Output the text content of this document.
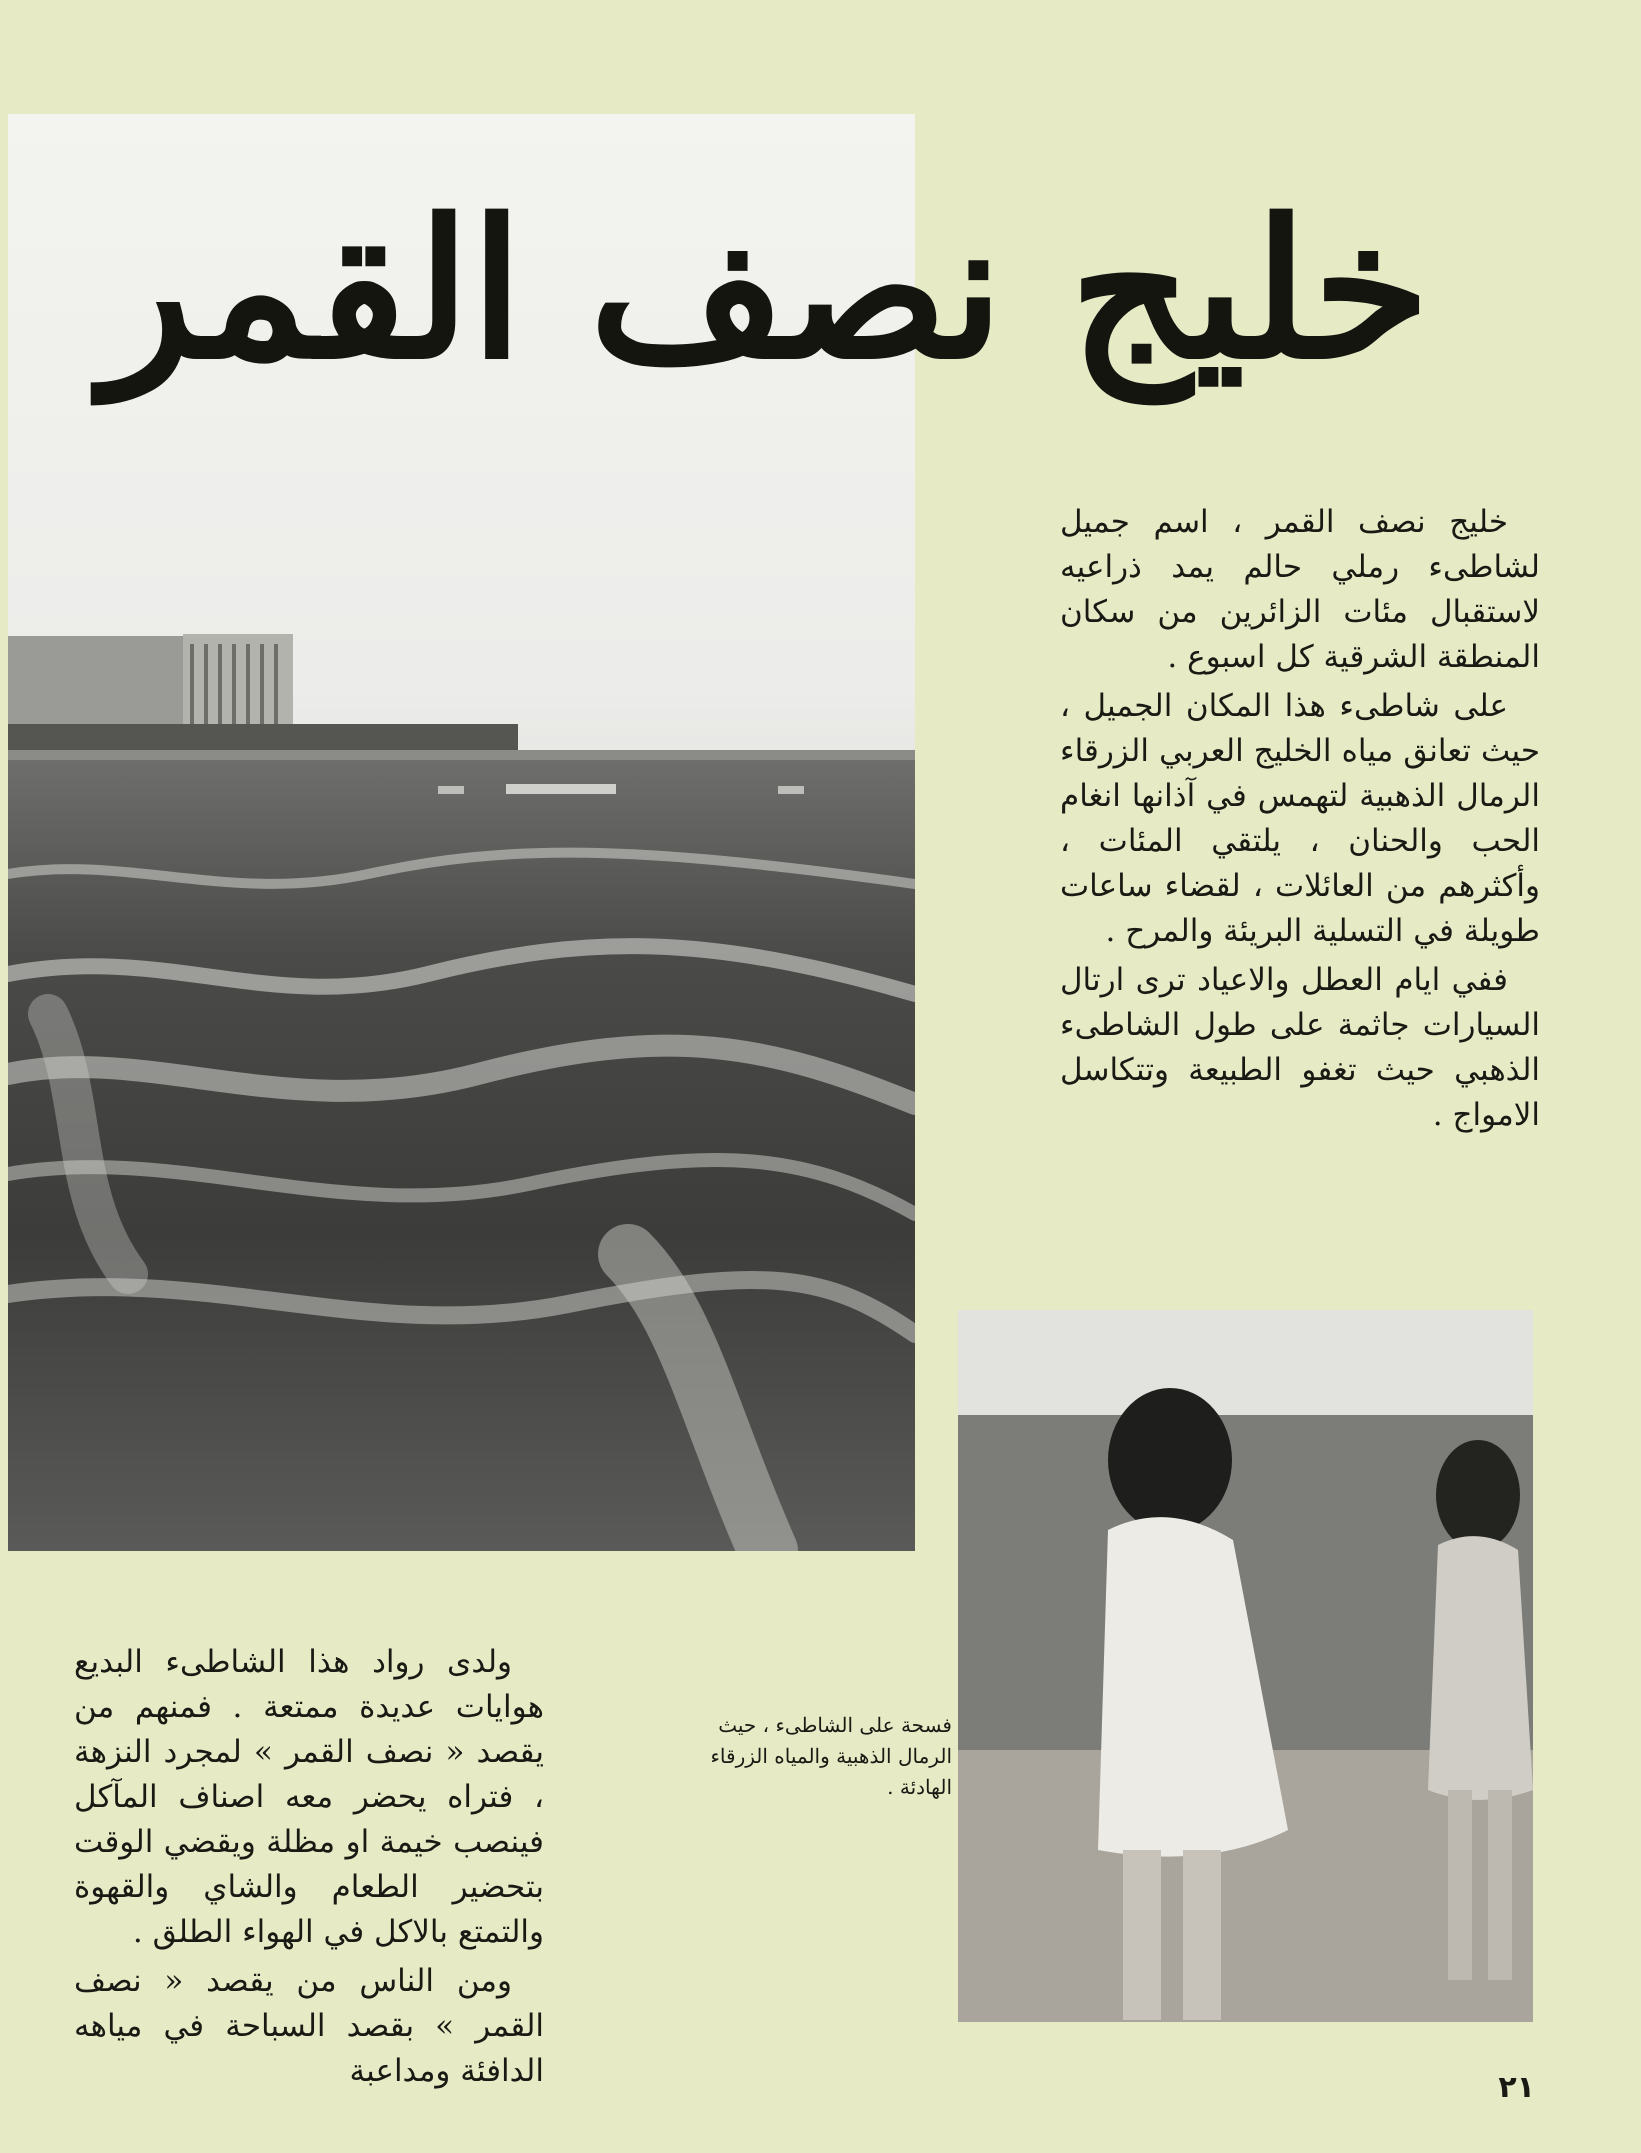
خليج نصف القمر

خليج نصف القمر ، اسم جميل لشاطىء رملي حالم يمد ذراعيه لاستقبال مئات الزائرين من سكان المنطقة الشرقية كل اسبوع .

على شاطىء هذا المكان الجميل ، حيث تعانق مياه الخليج العربي الزرقاء الرمال الذهبية لتهمس في آذانها انغام الحب والحنان ، يلتقي المئات ، وأكثرهم من العائلات ، لقضاء ساعات طويلة في التسلية البريئة والمرح .

ففي ايام العطل والاعياد ترى ارتال السيارات جاثمة على طول الشاطىء الذهبي حيث تغفو الطبيعة وتتكاسل الامواج .

فسحة على الشاطىء ، حيث الرمال الذهبية والمياه الزرقاء الهادئة .

ولدى رواد هذا الشاطىء البديع هوايات عديدة ممتعة . فمنهم من يقصد « نصف القمر » لمجرد النزهة ، فتراه يحضر معه اصناف المآكل فينصب خيمة او مظلة ويقضي الوقت بتحضير الطعام والشاي والقهوة والتمتع بالاكل في الهواء الطلق .

ومن الناس من يقصد « نصف القمر » بقصد السباحة في مياهه الدافئة ومداعبة	٢١
